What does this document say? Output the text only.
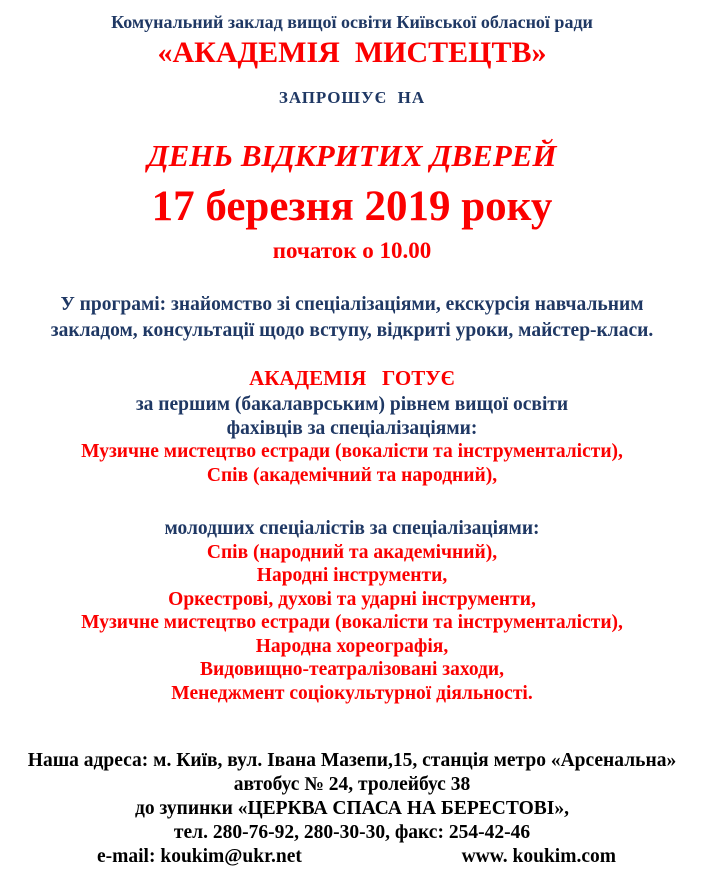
Комунальний заклад вищої освіти Київської обласної ради
«АКАДЕМІЯ  МИСТЕЦТВ»
ЗАПРОШУЄ  НА
ДЕНЬ ВІДКРИТИХ ДВЕРЕЙ
17 березня 2019 року
початок о 10.00
У програмі: знайомство зі спеціалізаціями, екскурсія навчальним закладом, консультації щодо вступу, відкриті уроки, майстер-класи.
АКАДЕМІЯ   ГОТУЄ
за першим (бакалаврським) рівнем вищої освіти
фахівців за спеціалізаціями:
Музичне мистецтво естради (вокалісти та інструменталісти),
Спів (академічний та народний),
молодших спеціалістів за спеціалізаціями:
Спів (народний та академічний),
Народні інструменти,
Оркестрові, духові та ударні інструменти,
Музичне мистецтво естради (вокалісти та інструменталісти),
Народна хореографія,
Видовищно-театралізовані заходи,
Менеджмент соціокультурної діяльності.
Наша адреса: м. Київ, вул. Івана Мазепи,15, станція метро «Арсенальна»
автобус № 24, тролейбус 38
до зупинки «ЦЕРКВА СПАСА НА БЕРЕСТОВІ»,
тел. 280-76-92, 280-30-30, факс: 254-42-46
e-mail: koukim@ukr.net	www. koukim.com
